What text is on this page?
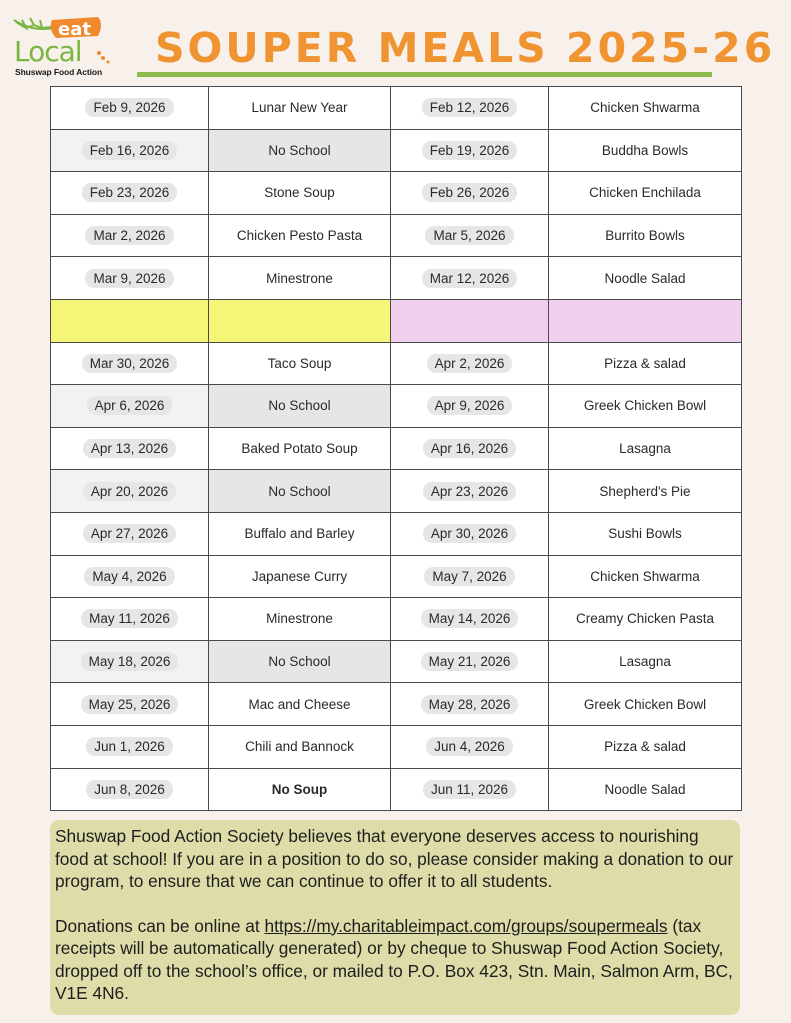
eat
Local
Shuswap Food Action SOUPER MEALS 2025-26
Feb 9, 2026	Lunar New Year	Feb 12, 2026	Chicken Shwarma
Feb 16, 2026	No School	Feb 19, 2026	Buddha Bowls
Feb 23, 2026	Stone Soup	Feb 26, 2026	Chicken Enchilada
Mar 2, 2026	Chicken Pesto Pasta	Mar 5, 2026	Burrito Bowls
Mar 9, 2026	Minestrone	Mar 12, 2026	Noodle Salad

Mar 30, 2026	Taco Soup	Apr 2, 2026	Pizza & salad
Apr 6, 2026	No School	Apr 9, 2026	Greek Chicken Bowl
Apr 13, 2026	Baked Potato Soup	Apr 16, 2026	Lasagna
Apr 20, 2026	No School	Apr 23, 2026	Shepherd's Pie
Apr 27, 2026	Buffalo and Barley	Apr 30, 2026	Sushi Bowls
May 4, 2026	Japanese Curry	May 7, 2026	Chicken Shwarma
May 11, 2026	Minestrone	May 14, 2026	Creamy Chicken Pasta
May 18, 2026	No School	May 21, 2026	Lasagna
May 25, 2026	Mac and Cheese	May 28, 2026	Greek Chicken Bowl
Jun 1, 2026	Chili and Bannock	Jun 4, 2026	Pizza & salad
Jun 8, 2026	No Soup	Jun 11, 2026	Noodle Salad

Shuswap Food Action Society believes that everyone deserves access to nourishing food at school! If you are in a position to do so, please consider making a donation to our program, to ensure that we can continue to offer it to all students.

Donations can be online at https://my.charitableimpact.com/groups/soupermeals (tax receipts will be automatically generated) or by cheque to Shuswap Food Action Society, dropped off to the school’s office, or mailed to P.O. Box 423, Stn. Main, Salmon Arm, BC, V1E 4N6.
